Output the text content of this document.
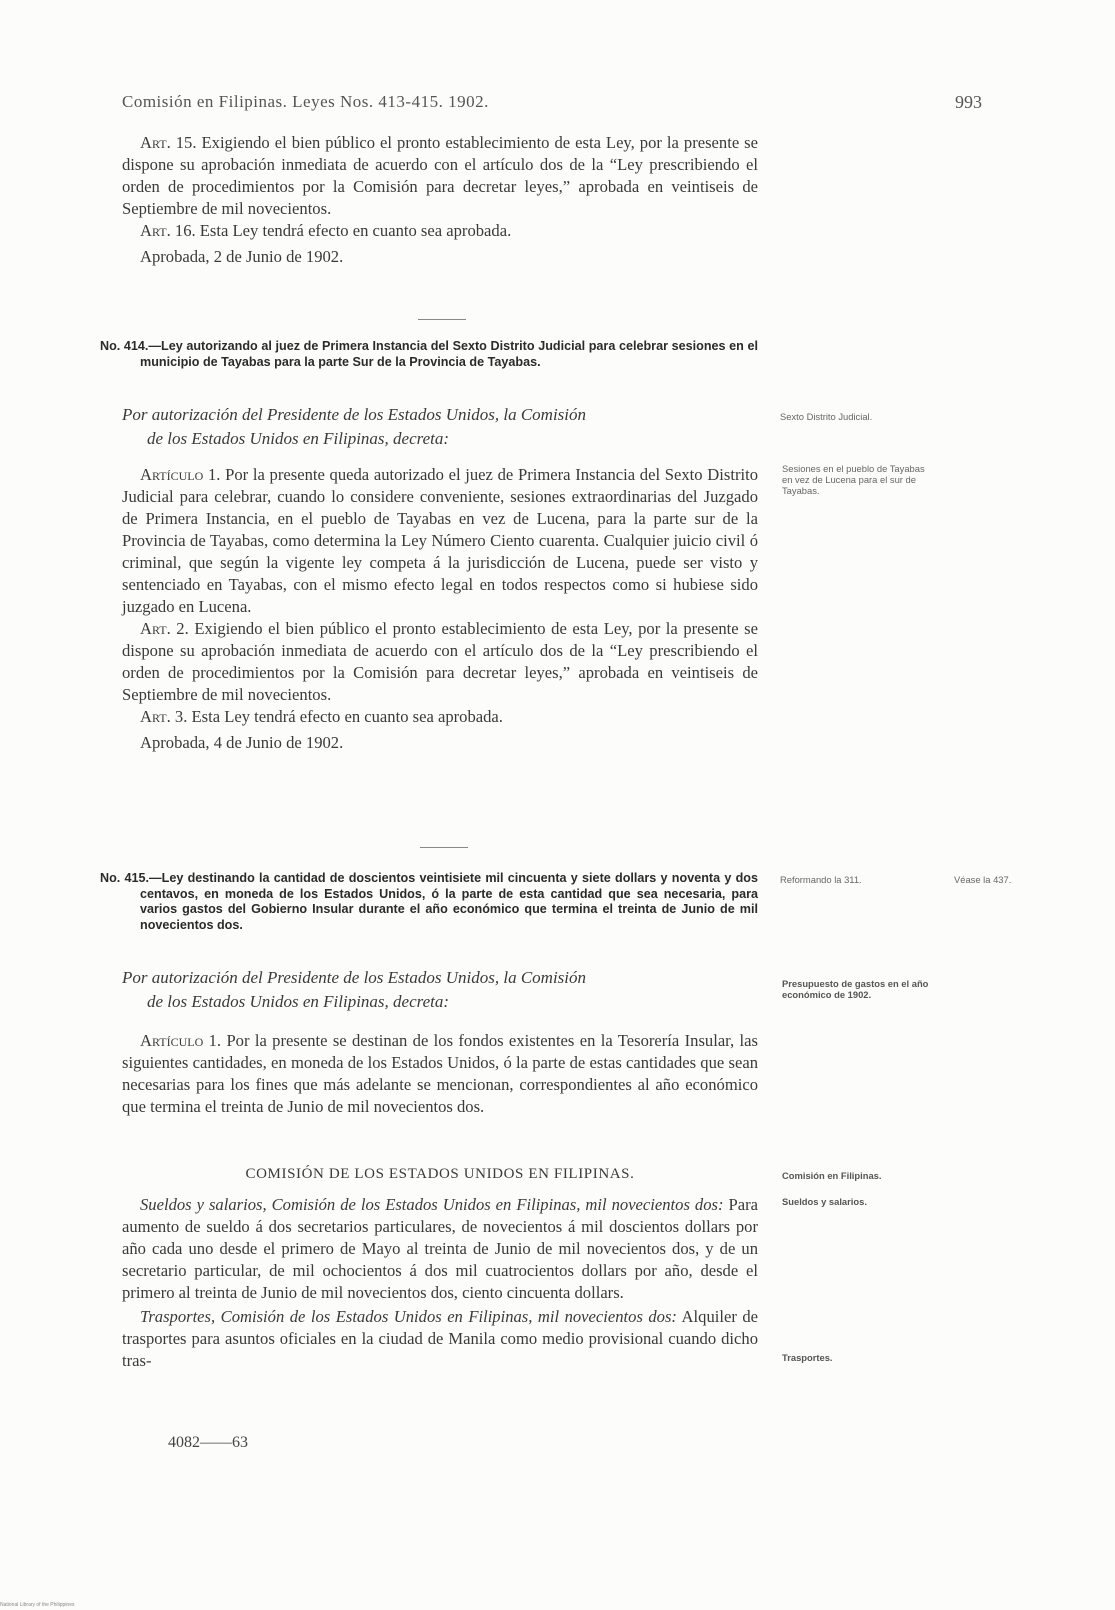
Comisión en Filipinas. Leyes Nos. 413-415. 1902.	993

Art. 15. Exigiendo el bien público el pronto establecimiento de esta Ley, por la presente se dispone su aprobación inmediata de acuerdo con el artículo dos de la “Ley prescribiendo el orden de procedimientos por la Comisión para decretar leyes,” aprobada en veintiseis de Septiembre de mil novecientos.

Art. 16. Esta Ley tendrá efecto en cuanto sea aprobada.

Aprobada, 2 de Junio de 1902.

No. 414.—Ley autorizando al juez de Primera Instancia del Sexto Distrito Judicial para celebrar sesiones en el municipio de Tayabas para la parte Sur de la Provincia de Tayabas.
Por autorización del Presidente de los Estados Unidos, la Comisión
de los Estados Unidos en Filipinas, decreta:
Sexto Distrito Judicial.
Sesiones en el pueblo de Tayabas en vez de Lucena para el sur de Tayabas.

Artículo 1. Por la presente queda autorizado el juez de Primera Instancia del Sexto Distrito Judicial para celebrar, cuando lo considere conveniente, sesiones extraordinarias del Juzgado de Primera Instancia, en el pueblo de Tayabas en vez de Lucena, para la parte sur de la Provincia de Tayabas, como determina la Ley Número Ciento cuarenta. Cualquier juicio civil ó criminal, que según la vigente ley competa á la jurisdicción de Lucena, puede ser visto y sentenciado en Tayabas, con el mismo efecto legal en todos respectos como si hubiese sido juzgado en Lucena.

Art. 2. Exigiendo el bien público el pronto establecimiento de esta Ley, por la presente se dispone su aprobación inmediata de acuerdo con el artículo dos de la “Ley prescribiendo el orden de procedimientos por la Comisión para decretar leyes,” aprobada en veintiseis de Septiembre de mil novecientos.

Art. 3. Esta Ley tendrá efecto en cuanto sea aprobada.

Aprobada, 4 de Junio de 1902.

No. 415.—Ley destinando la cantidad de doscientos veintisiete mil cincuenta y siete dollars y noventa y dos centavos, en moneda de los Estados Unidos, ó la parte de esta cantidad que sea necesaria, para varios gastos del Gobierno Insular durante el año económico que termina el treinta de Junio de mil novecientos dos.
Reformando la 311.	Véase la 437.
Por autorización del Presidente de los Estados Unidos, la Comisión
de los Estados Unidos en Filipinas, decreta:
Presupuesto de gastos en el año económico de 1902.

Artículo 1. Por la presente se destinan de los fondos existentes en la Tesorería Insular, las siguientes cantidades, en moneda de los Estados Unidos, ó la parte de estas cantidades que sean necesarias para los fines que más adelante se mencionan, correspondientes al año económico que termina el treinta de Junio de mil novecientos dos.

COMISIÓN DE LOS ESTADOS UNIDOS EN FILIPINAS.	Comisión en Filipinas.
Sueldos y salarios.

Sueldos y salarios, Comisión de los Estados Unidos en Filipinas, mil novecientos dos: Para aumento de sueldo á dos secretarios particulares, de novecientos á mil doscientos dollars por año cada uno desde el primero de Mayo al treinta de Junio de mil novecientos dos, y de un secretario particular, de mil ochocientos á dos mil cuatrocientos dollars por año, desde el primero al treinta de Junio de mil novecientos dos, ciento cincuenta dollars.

Trasportes, Comisión de los Estados Unidos en Filipinas, mil novecientos dos: Alquiler de trasportes para asuntos oficiales en la ciudad de Manila como medio provisional cuando dicho tras-	Trasportes.
4082——63
National Library of the Philippines
